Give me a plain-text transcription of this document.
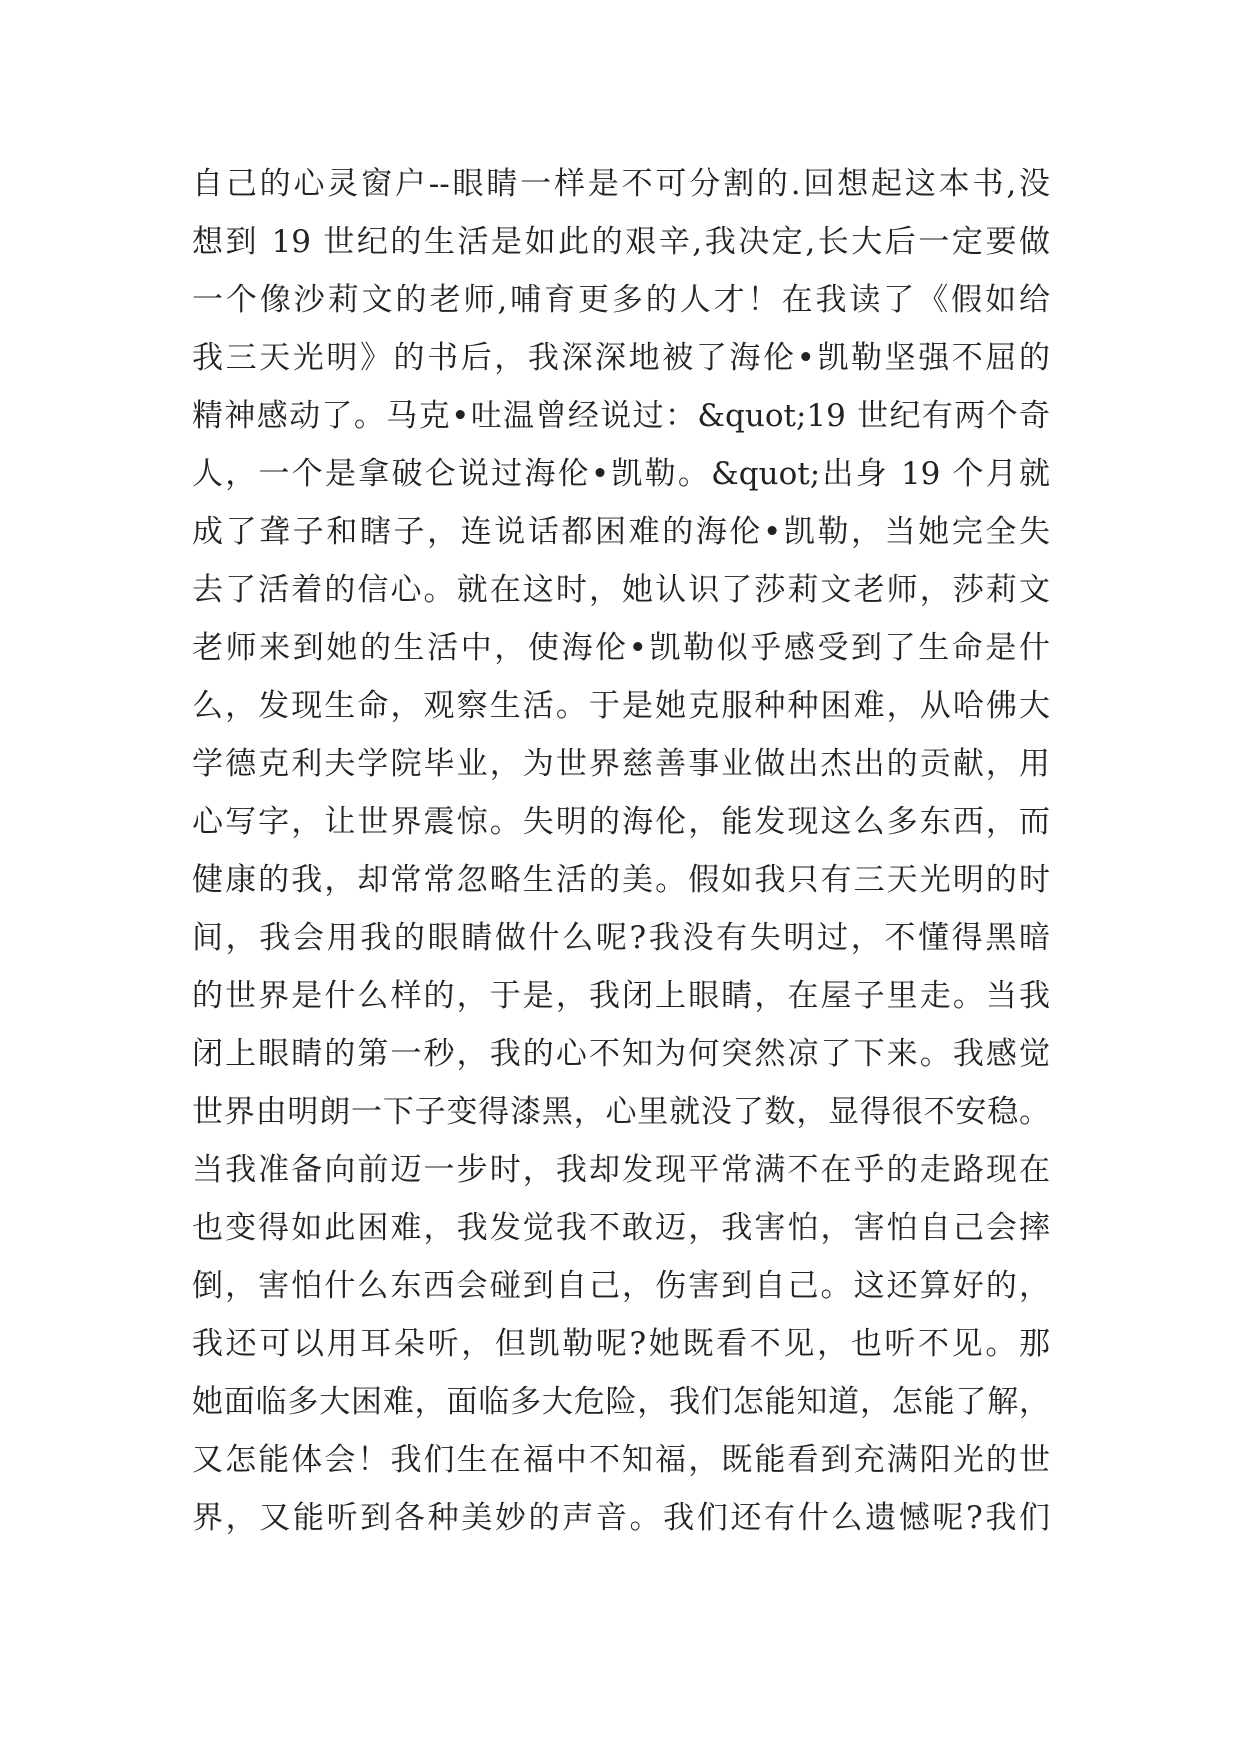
自己的心灵窗户--眼睛一样是不可分割的.回想起这本书,没
想到 19 世纪的生活是如此的艰辛,我决定,长大后一定要做
一个像沙莉文的老师,哺育更多的人才！在我读了《假如给
我三天光明》的书后，我深深地被了海伦•凯勒坚强不屈的
精神感动了。马克•吐温曾经说过：&quot;19 世纪有两个奇
人，一个是拿破仑说过海伦•凯勒。&quot;出身 19 个月就
成了聋子和瞎子，连说话都困难的海伦•凯勒，当她完全失
去了活着的信心。就在这时，她认识了莎莉文老师，莎莉文
老师来到她的生活中，使海伦•凯勒似乎感受到了生命是什
么，发现生命，观察生活。于是她克服种种困难，从哈佛大
学德克利夫学院毕业，为世界慈善事业做出杰出的贡献，用
心写字，让世界震惊。失明的海伦，能发现这么多东西，而
健康的我，却常常忽略生活的美。假如我只有三天光明的时
间，我会用我的眼睛做什么呢?我没有失明过，不懂得黑暗
的世界是什么样的，于是，我闭上眼睛，在屋子里走。当我
闭上眼睛的第一秒，我的心不知为何突然凉了下来。我感觉
世界由明朗一下子变得漆黑，心里就没了数，显得很不安稳。
当我准备向前迈一步时，我却发现平常满不在乎的走路现在
也变得如此困难，我发觉我不敢迈，我害怕，害怕自己会摔
倒，害怕什么东西会碰到自己，伤害到自己。这还算好的，
我还可以用耳朵听，但凯勒呢?她既看不见，也听不见。那
她面临多大困难，面临多大危险，我们怎能知道，怎能了解，
又怎能体会！我们生在福中不知福，既能看到充满阳光的世
界，又能听到各种美妙的声音。我们还有什么遗憾呢?我们
